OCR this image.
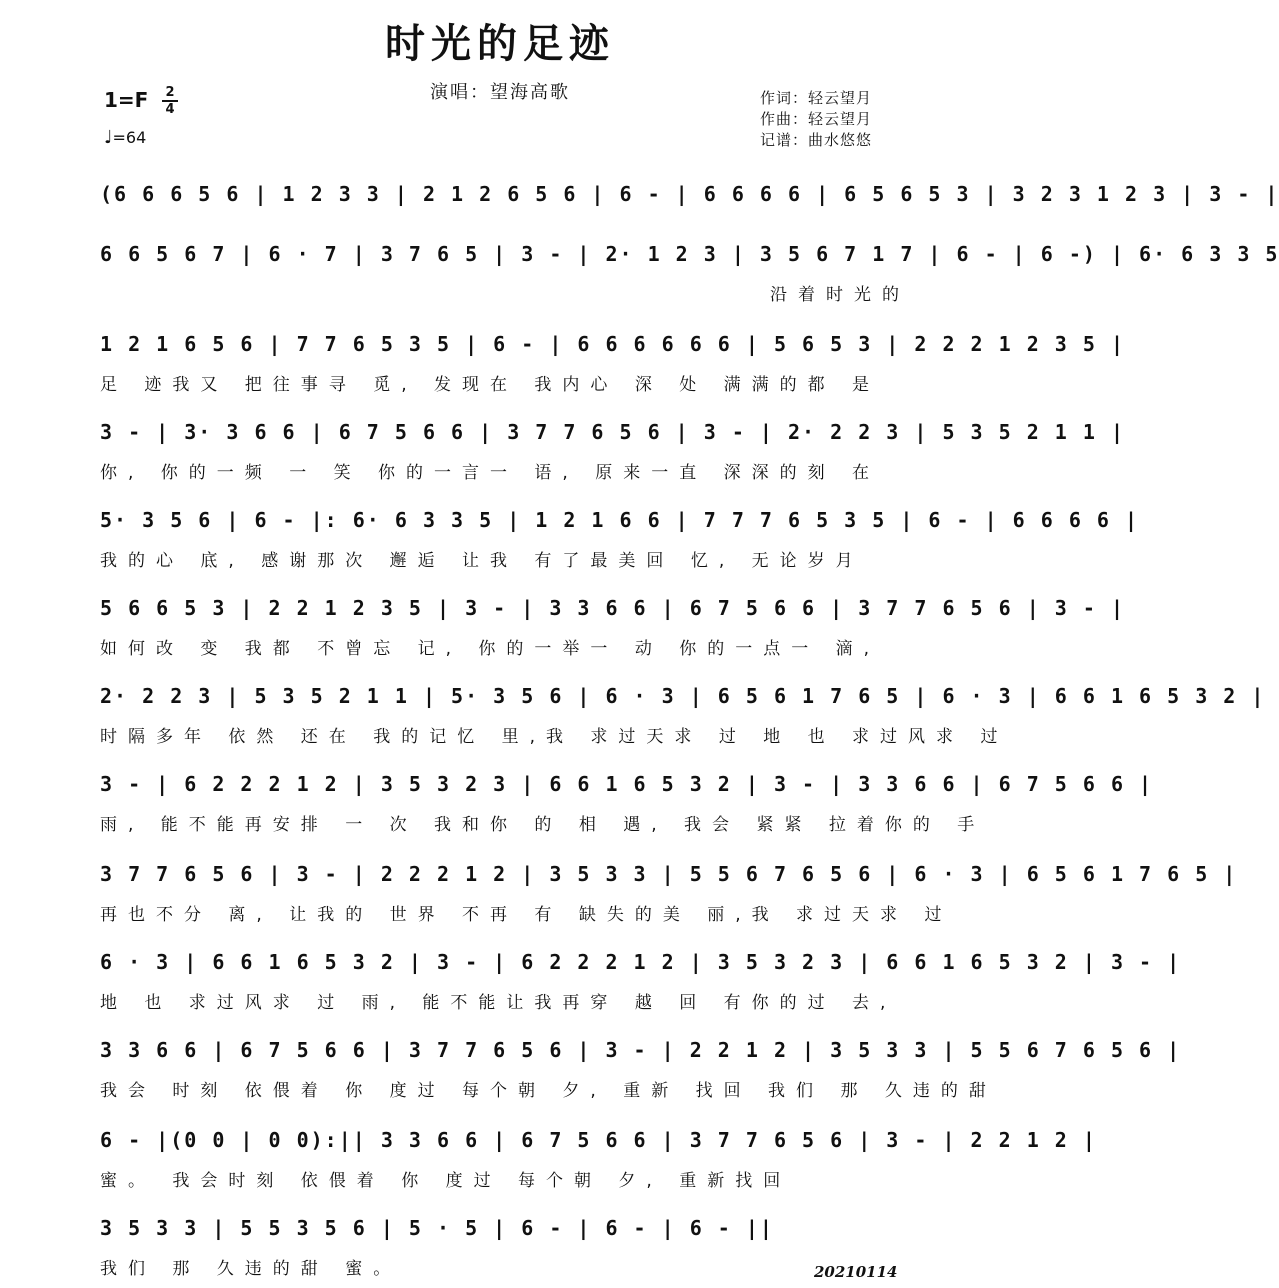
时光的足迹
演唱：望海高歌
1=F 2
4
♩=64
作词：轻云望月
作曲：轻云望月
记谱：曲水悠悠
(6 6 6 5 6 | 1 2 3 3 | 2 1 2 6 5 6 | 6 - | 6 6 6 6 | 6 5 6 5 3 | 3 2 3 1 2 3 | 3 - |
6 6 5 6 7 | 6 · 7 | 3 7 6 5 | 3 - | 2· 1 2 3 | 3 5 6 7 1 7 | 6 - | 6 -) | 6· 6 3 3 5
沿着时光的
1 2 1 6 5 6 | 7 7 6 5 3 5 | 6 - | 6 6 6 6 6 6 | 5 6 5 3 | 2 2 2 1 2 3 5 |
足 迹我又 把往事寻 觅, 发现在 我内心 深 处 满满的都 是
3 - | 3· 3 6 6 | 6 7 5 6 6 | 3 7 7 6 5 6 | 3 - | 2· 2 2 3 | 5 3 5 2 1 1 |
你, 你的一频 一 笑 你的一言一 语, 原来一直 深深的刻 在
5· 3 5 6 | 6 - |: 6· 6 3 3 5 | 1 2 1 6 6 | 7 7 7 6 5 3 5 | 6 - | 6 6 6 6 |
我的心 底, 感谢那次 邂逅 让我 有了最美回 忆, 无论岁月
5 6 6 5 3 | 2 2 1 2 3 5 | 3 - | 3 3 6 6 | 6 7 5 6 6 | 3 7 7 6 5 6 | 3 - |
如何改 变 我都 不曾忘 记, 你的一举一 动 你的一点一 滴,
2· 2 2 3 | 5 3 5 2 1 1 | 5· 3 5 6 | 6 · 3 | 6 5 6 1 7 6 5 | 6 · 3 | 6 6 1 6 5 3 2 |
时隔多年 依然 还在 我的记忆 里,我 求过天求 过 地 也 求过风求 过
3 - | 6 2 2 2 1 2 | 3 5 3 2 3 | 6 6 1 6 5 3 2 | 3 - | 3 3 6 6 | 6 7 5 6 6 |
雨, 能不能再安排 一 次 我和你 的 相 遇, 我会 紧紧 拉着你的 手
3 7 7 6 5 6 | 3 - | 2 2 2 1 2 | 3 5 3 3 | 5 5 6 7 6 5 6 | 6 · 3 | 6 5 6 1 7 6 5 |
再也不分 离, 让我的 世界 不再 有 缺失的美 丽,我 求过天求 过
6 · 3 | 6 6 1 6 5 3 2 | 3 - | 6 2 2 2 1 2 | 3 5 3 2 3 | 6 6 1 6 5 3 2 | 3 - |
地 也 求过风求 过 雨, 能不能让我再穿 越 回 有你的过 去,
3 3 6 6 | 6 7 5 6 6 | 3 7 7 6 5 6 | 3 - | 2 2 1 2 | 3 5 3 3 | 5 5 6 7 6 5 6 |
我会 时刻 依偎着 你 度过 每个朝 夕, 重新 找回 我们 那 久违的甜
6 - |(0 0 | 0 0):|| 3 3 6 6 | 6 7 5 6 6 | 3 7 7 6 5 6 | 3 - | 2 2 1 2 |
蜜。 我会时刻 依偎着 你 度过 每个朝 夕, 重新找回
3 5 3 3 | 5 5 3 5 6 | 5 · 5 | 6 - | 6 - | 6 - ||
我们 那 久违的甜 蜜。	20210114
